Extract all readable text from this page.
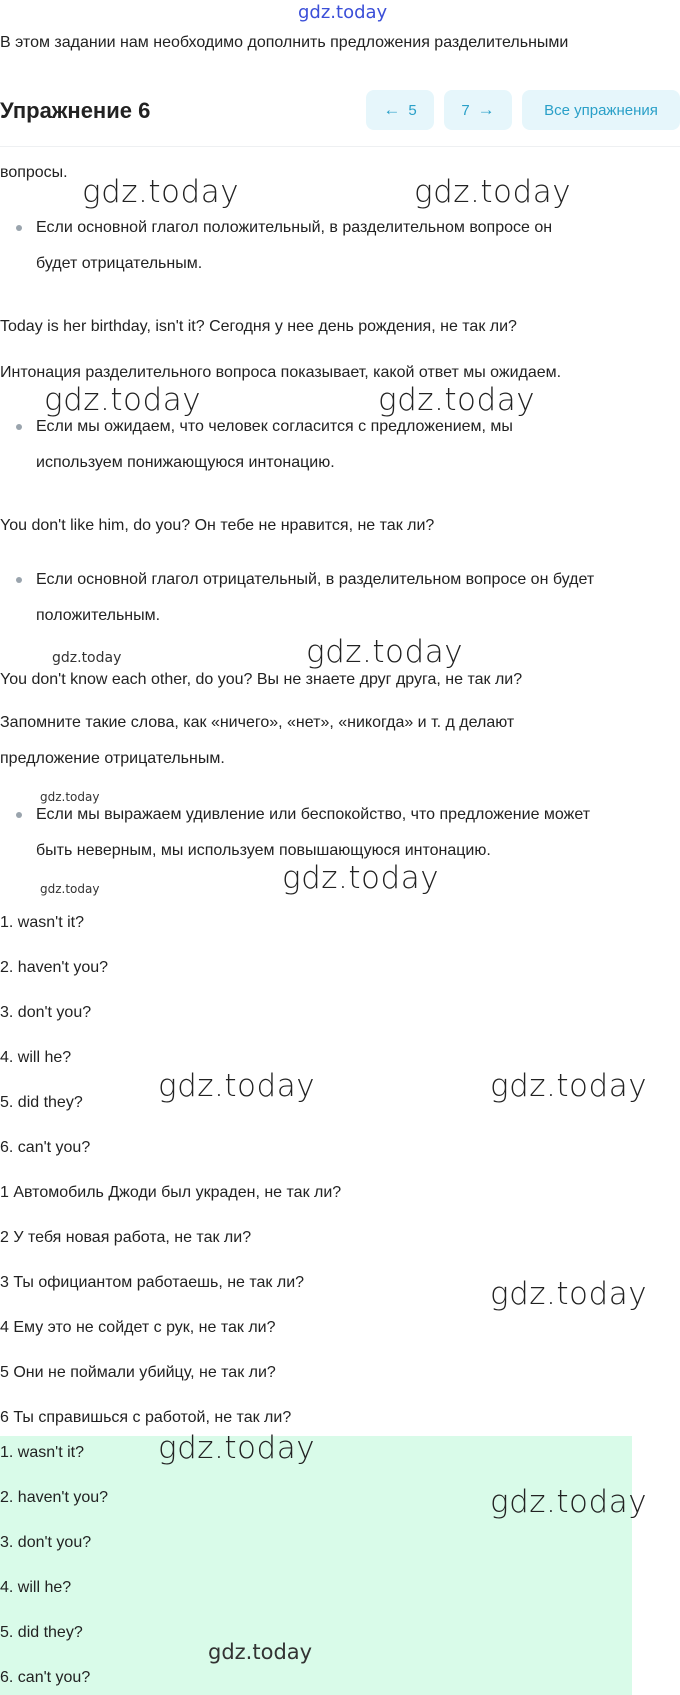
gdz.today
В этом задании нам необходимо дополнить предложения разделительными
вопросы.
Если основной глагол положительный, в разделительном вопросе он
будет отрицательным.
Today is her birthday, isn't it? Сегодня у нее день рождения, не так ли?
Интонация разделительного вопроса показывает, какой ответ мы ожидаем.
Если мы ожидаем, что человек согласится с предложением, мы
используем понижающуюся интонацию.
You don't like him, do you? Он тебе не нравится, не так ли?
Если основной глагол отрицательный, в разделительном вопросе он будет
положительным.
You don't know each other, do you? Вы не знаете друг друга, не так ли?
Запомните такие слова, как «ничего», «нет», «никогда» и т. д делают
предложение отрицательным.
Если мы выражаем удивление или беспокойство, что предложение может
быть неверным, мы используем повышающуюся интонацию.
1. wasn't it?
2. haven't you?
3. don't you?
4. will he?
5. did they?
6. can't you?
1 Автомобиль Джоди был украден, не так ли?
2 У тебя новая работа, не так ли?
3 Ты официантом работаешь, не так ли?
4 Ему это не сойдет с рук, не так ли?
5 Они не поймали убийцу, не так ли?
6 Ты справишься с работой, не так ли?
1. wasn't it?
2. haven't you?
3. don't you?
4. will he?
5. did they?
6. can't you?
Упражнение 6	← 5	7 →	Все упражнения
gdz.today	gdz.today
gdz.today	gdz.today
gdz.today	gdz.today
gdz.today
gdz.today	gdz.today
gdz.today	gdz.today
gdz.today
gdz.today
gdz.today
gdz.today
